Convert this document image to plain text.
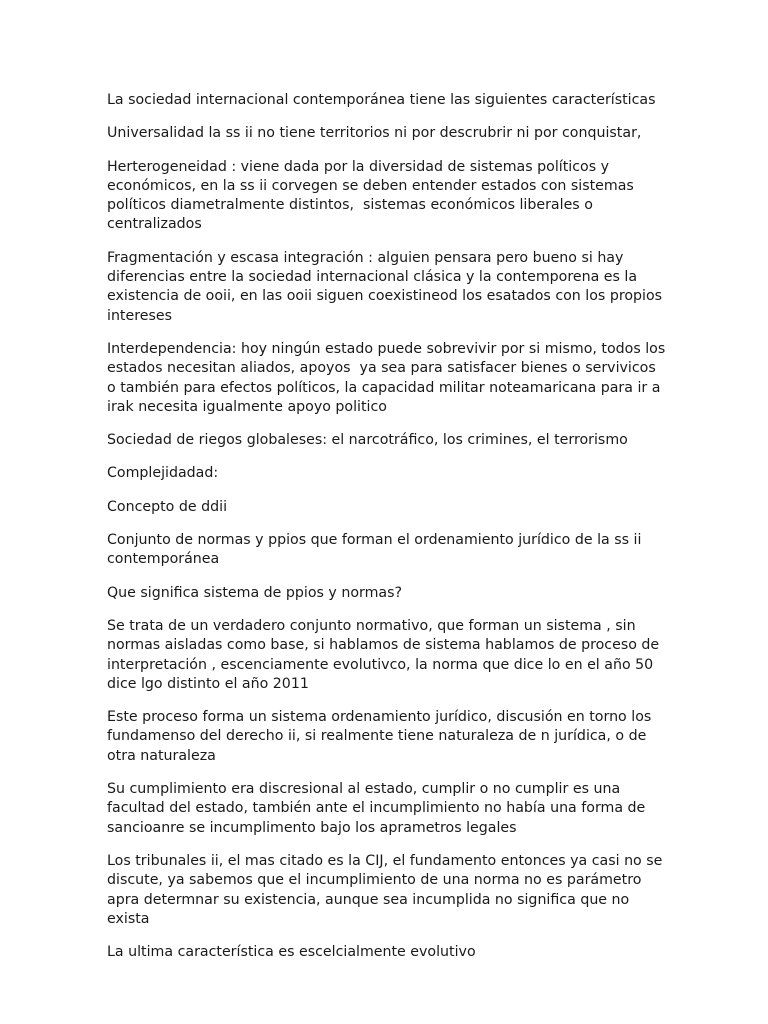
La sociedad internacional contemporánea tiene las siguientes características

Universalidad la ss ii no tiene territorios ni por descrubrir ni por conquistar,

Herterogeneidad : viene dada por la diversidad de sistemas políticos y económicos, en la ss ii corvegen se deben entender estados con sistemas políticos diametralmente distintos,  sistemas económicos liberales o centralizados

Fragmentación y escasa integración : alguien pensara pero bueno si hay diferencias entre la sociedad internacional clásica y la contemporena es la existencia de ooii, en las ooii siguen coexistineod los esatados con los propios intereses

Interdependencia: hoy ningún estado puede sobrevivir por si mismo, todos los estados necesitan aliados, apoyos  ya sea para satisfacer bienes o servivicos o también para efectos políticos, la capacidad militar noteamaricana para ir a irak necesita igualmente apoyo politico

Sociedad de riegos globaleses: el narcotráfico, los crimines, el terrorismo

Complejidadad:

Concepto de ddii

Conjunto de normas y ppios que forman el ordenamiento jurídico de la ss ii contemporánea

Que significa sistema de ppios y normas?

Se trata de un verdadero conjunto normativo, que forman un sistema , sin normas aisladas como base, si hablamos de sistema hablamos de proceso de interpretación , escenciamente evolutivco, la norma que dice lo en el año 50 dice lgo distinto el año 2011

Este proceso forma un sistema ordenamiento jurídico, discusión en torno los fundamenso del derecho ii, si realmente tiene naturaleza de n jurídica, o de otra naturaleza

Su cumplimiento era discresional al estado, cumplir o no cumplir es una facultad del estado, también ante el incumplimiento no había una forma de sancioanre se incumplimento bajo los aprametros legales

Los tribunales ii, el mas citado es la CIJ, el fundamento entonces ya casi no se discute, ya sabemos que el incumplimiento de una norma no es parámetro apra determnar su existencia, aunque sea incumplida no significa que no exista

La ultima característica es escelcialmente evolutivo
